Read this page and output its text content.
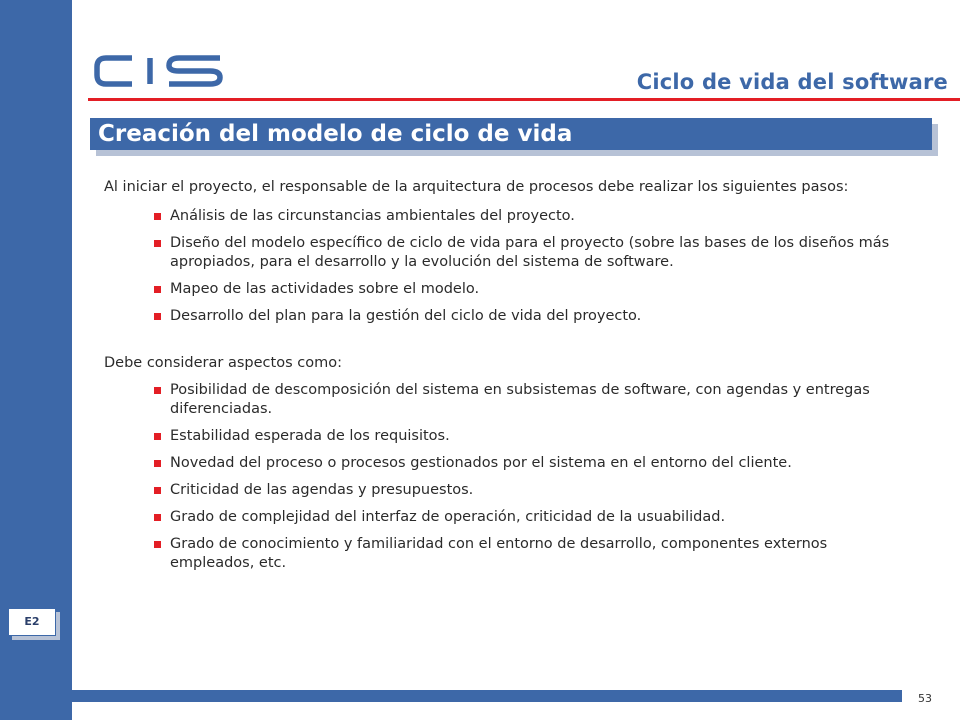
Ciclo de vida del software
Creación del modelo de ciclo de vida

Al iniciar el proyecto, el responsable de la arquitectura de procesos debe realizar los siguientes pasos:

Análisis de las circunstancias ambientales del proyecto.
Diseño del modelo específico de ciclo de vida para el proyecto (sobre las bases de los diseños más apropiados, para el desarrollo y la evolución del sistema de software.
Mapeo de las actividades sobre el modelo.
Desarrollo del plan para la gestión del ciclo de vida del proyecto.

Debe considerar aspectos como:

Posibilidad de descomposición del sistema en subsistemas de software, con agendas y entregas diferenciadas.
Estabilidad esperada de los requisitos.
Novedad del proceso o procesos gestionados por el sistema en el entorno del cliente.
Criticidad de las agendas y presupuestos.
Grado de complejidad del interfaz de operación, criticidad de la usuabilidad.
Grado de conocimiento y familiaridad con el entorno de desarrollo, componentes externos empleados, etc.
E2
53
